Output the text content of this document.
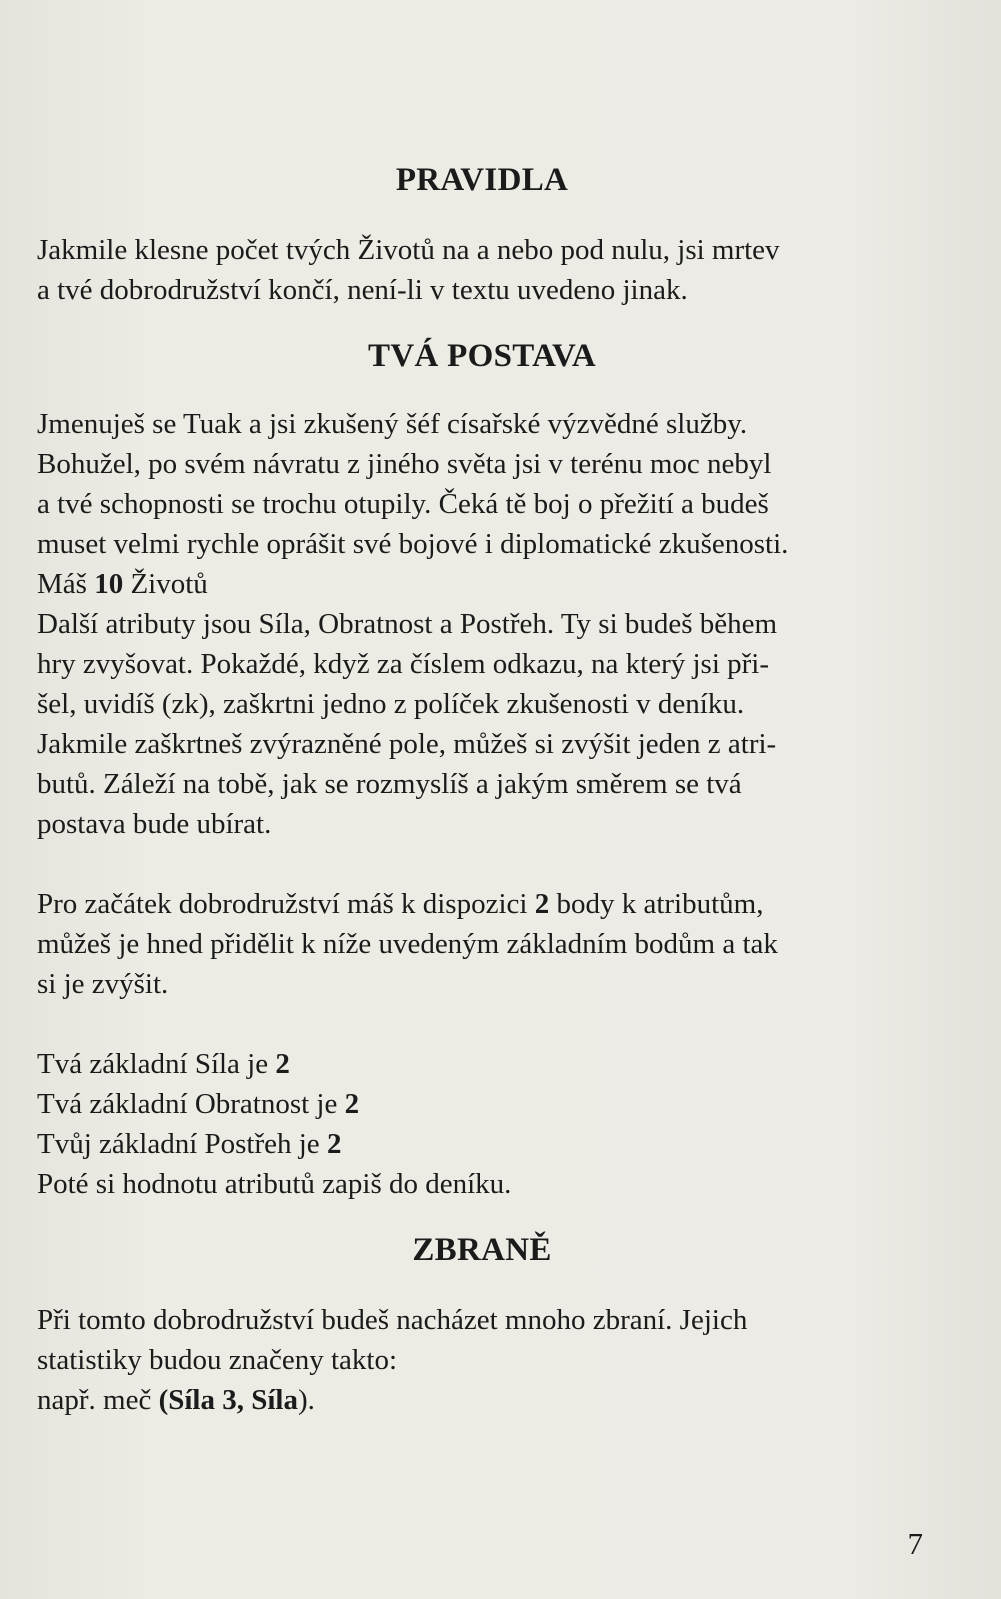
PRAVIDLA

Jakmile klesne počet tvých Životů na a nebo pod nulu, jsi mrtev
a tvé dobrodružství končí, není-li v textu uvedeno jinak.

TVÁ POSTAVA

Jmenuješ se Tuak a jsi zkušený šéf císařské výzvědné služby.
Bohužel, po svém návratu z jiného světa jsi v terénu moc nebyl
a tvé schopnosti se trochu otupily. Čeká tě boj o přežití a budeš
muset velmi rychle oprášit své bojové i diplomatické zkušenosti.

Máš 10 Životů

Další atributy jsou Síla, Obratnost a Postřeh. Ty si budeš během
hry zvyšovat. Pokaždé, když za číslem odkazu, na který jsi při-
šel, uvidíš (zk), zaškrtni jedno z políček zkušenosti v deníku.
Jakmile zaškrtneš zvýrazněné pole, můžeš si zvýšit jeden z atri-
butů. Záleží na tobě, jak se rozmyslíš a jakým směrem se tvá
postava bude ubírat.

Pro začátek dobrodružství máš k dispozici 2 body k atributům,
můžeš je hned přidělit k níže uvedeným základním bodům a tak
si je zvýšit.

Tvá základní Síla je 2
Tvá základní Obratnost je 2
Tvůj základní Postřeh je 2
Poté si hodnotu atributů zapiš do deníku.

ZBRANĚ

Při tomto dobrodružství budeš nacházet mnoho zbraní. Jejich
statistiky budou značeny takto:
např. meč (Síla 3, Síla).

7
